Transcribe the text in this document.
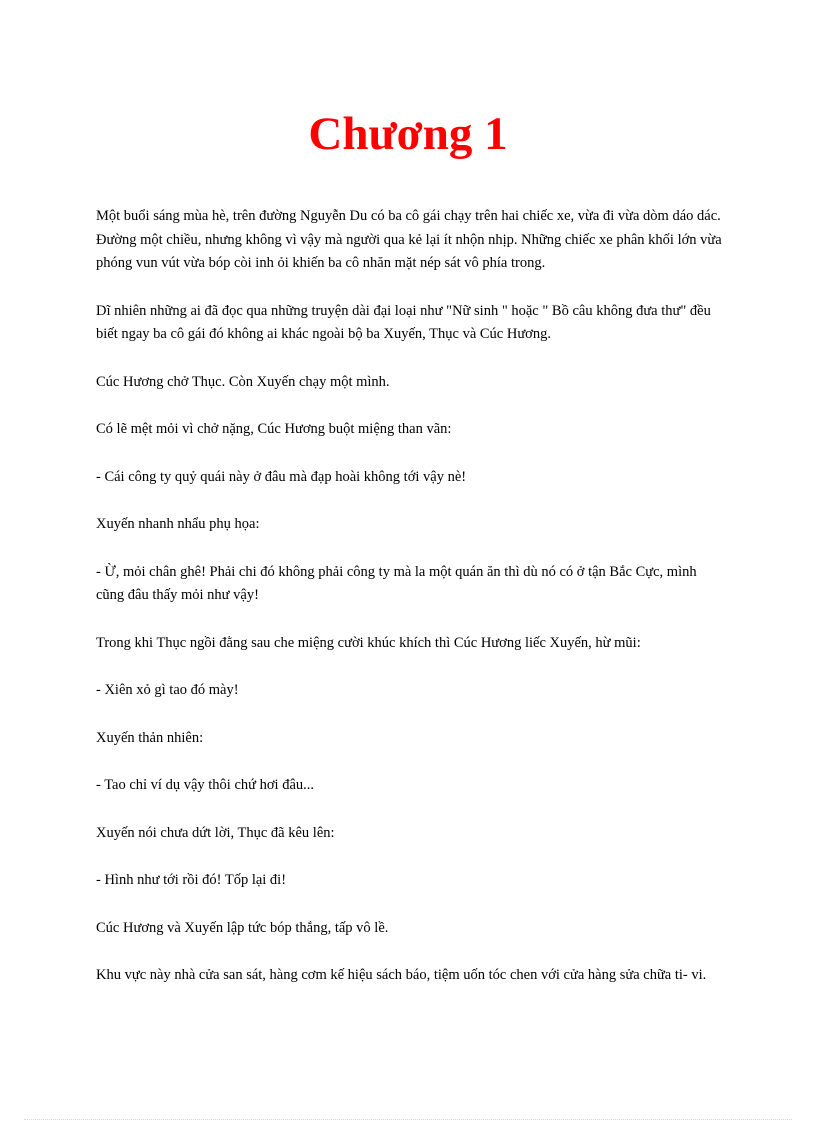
Chương 1

Một buổi sáng mùa hè, trên đường Nguyễn Du có ba cô gái chạy trên hai chiếc xe, vừa đi vừa dòm dáo dác. Đường một chiều, nhưng không vì vậy mà người qua kẻ lại ít nhộn nhịp. Những chiếc xe phân khối lớn vừa phóng vun vút vừa bóp còi inh ỏi khiến ba cô nhăn mặt nép sát vô phía trong.

Dĩ nhiên những ai đã đọc qua những truyện dài đại loại như "Nữ sinh " hoặc " Bồ câu không đưa thư" đều biết ngay ba cô gái đó không ai khác ngoài bộ ba Xuyến, Thục và Cúc Hương.

Cúc Hương chở Thục. Còn Xuyến chạy một mình.

Có lẽ mệt mỏi vì chở nặng, Cúc Hương buột miệng than vãn:

- Cái công ty quỷ quái này ở đâu mà đạp hoài không tới vậy nè!

Xuyến nhanh nhẩu phụ họa:

- Ừ, mỏi chân ghê! Phải chi đó không phải công ty mà la một quán ăn thì dù nó có ở tận Bắc Cực, mình cũng đâu thấy mỏi như vậy!

Trong khi Thục ngồi đằng sau che miệng cười khúc khích thì Cúc Hương liếc Xuyến, hừ mũi:

- Xiên xỏ gì tao đó mày!

Xuyến thản nhiên:

- Tao chỉ ví dụ vậy thôi chứ hơi đâu...

Xuyến nói chưa dứt lời, Thục đã kêu lên:

- Hình như tới rồi đó! Tốp lại đi!

Cúc Hương và Xuyến lập tức bóp thắng, tấp vô lề.

Khu vực này nhà cửa san sát, hàng cơm kế hiệu sách báo, tiệm uốn tóc chen với cửa hàng sửa chữa ti- vi.
